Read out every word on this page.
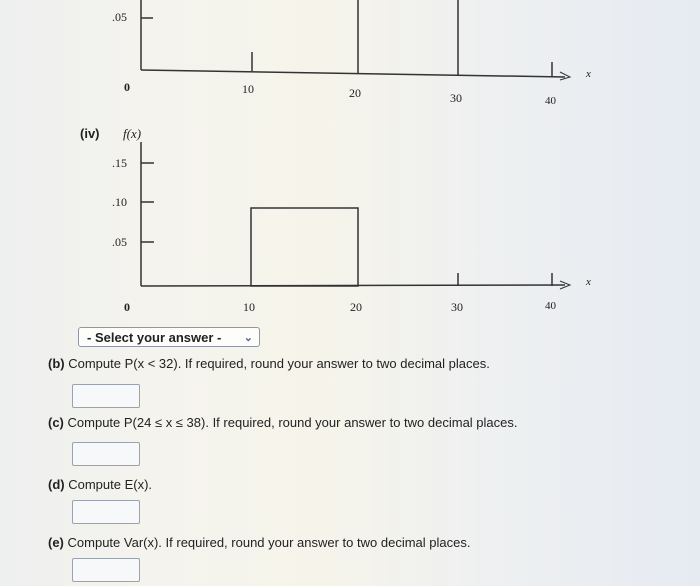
.05
0	10	20	30	40
x
(iv) f(x)
.15
.10
.05
0	10	20	30	40
x
- Select your answer - ⌄
(b) Compute P(x < 32). If required, round your answer to two decimal places.
(c) Compute P(24 ≤ x ≤ 38). If required, round your answer to two decimal places.
(d) Compute E(x).
(e) Compute Var(x). If required, round your answer to two decimal places.
